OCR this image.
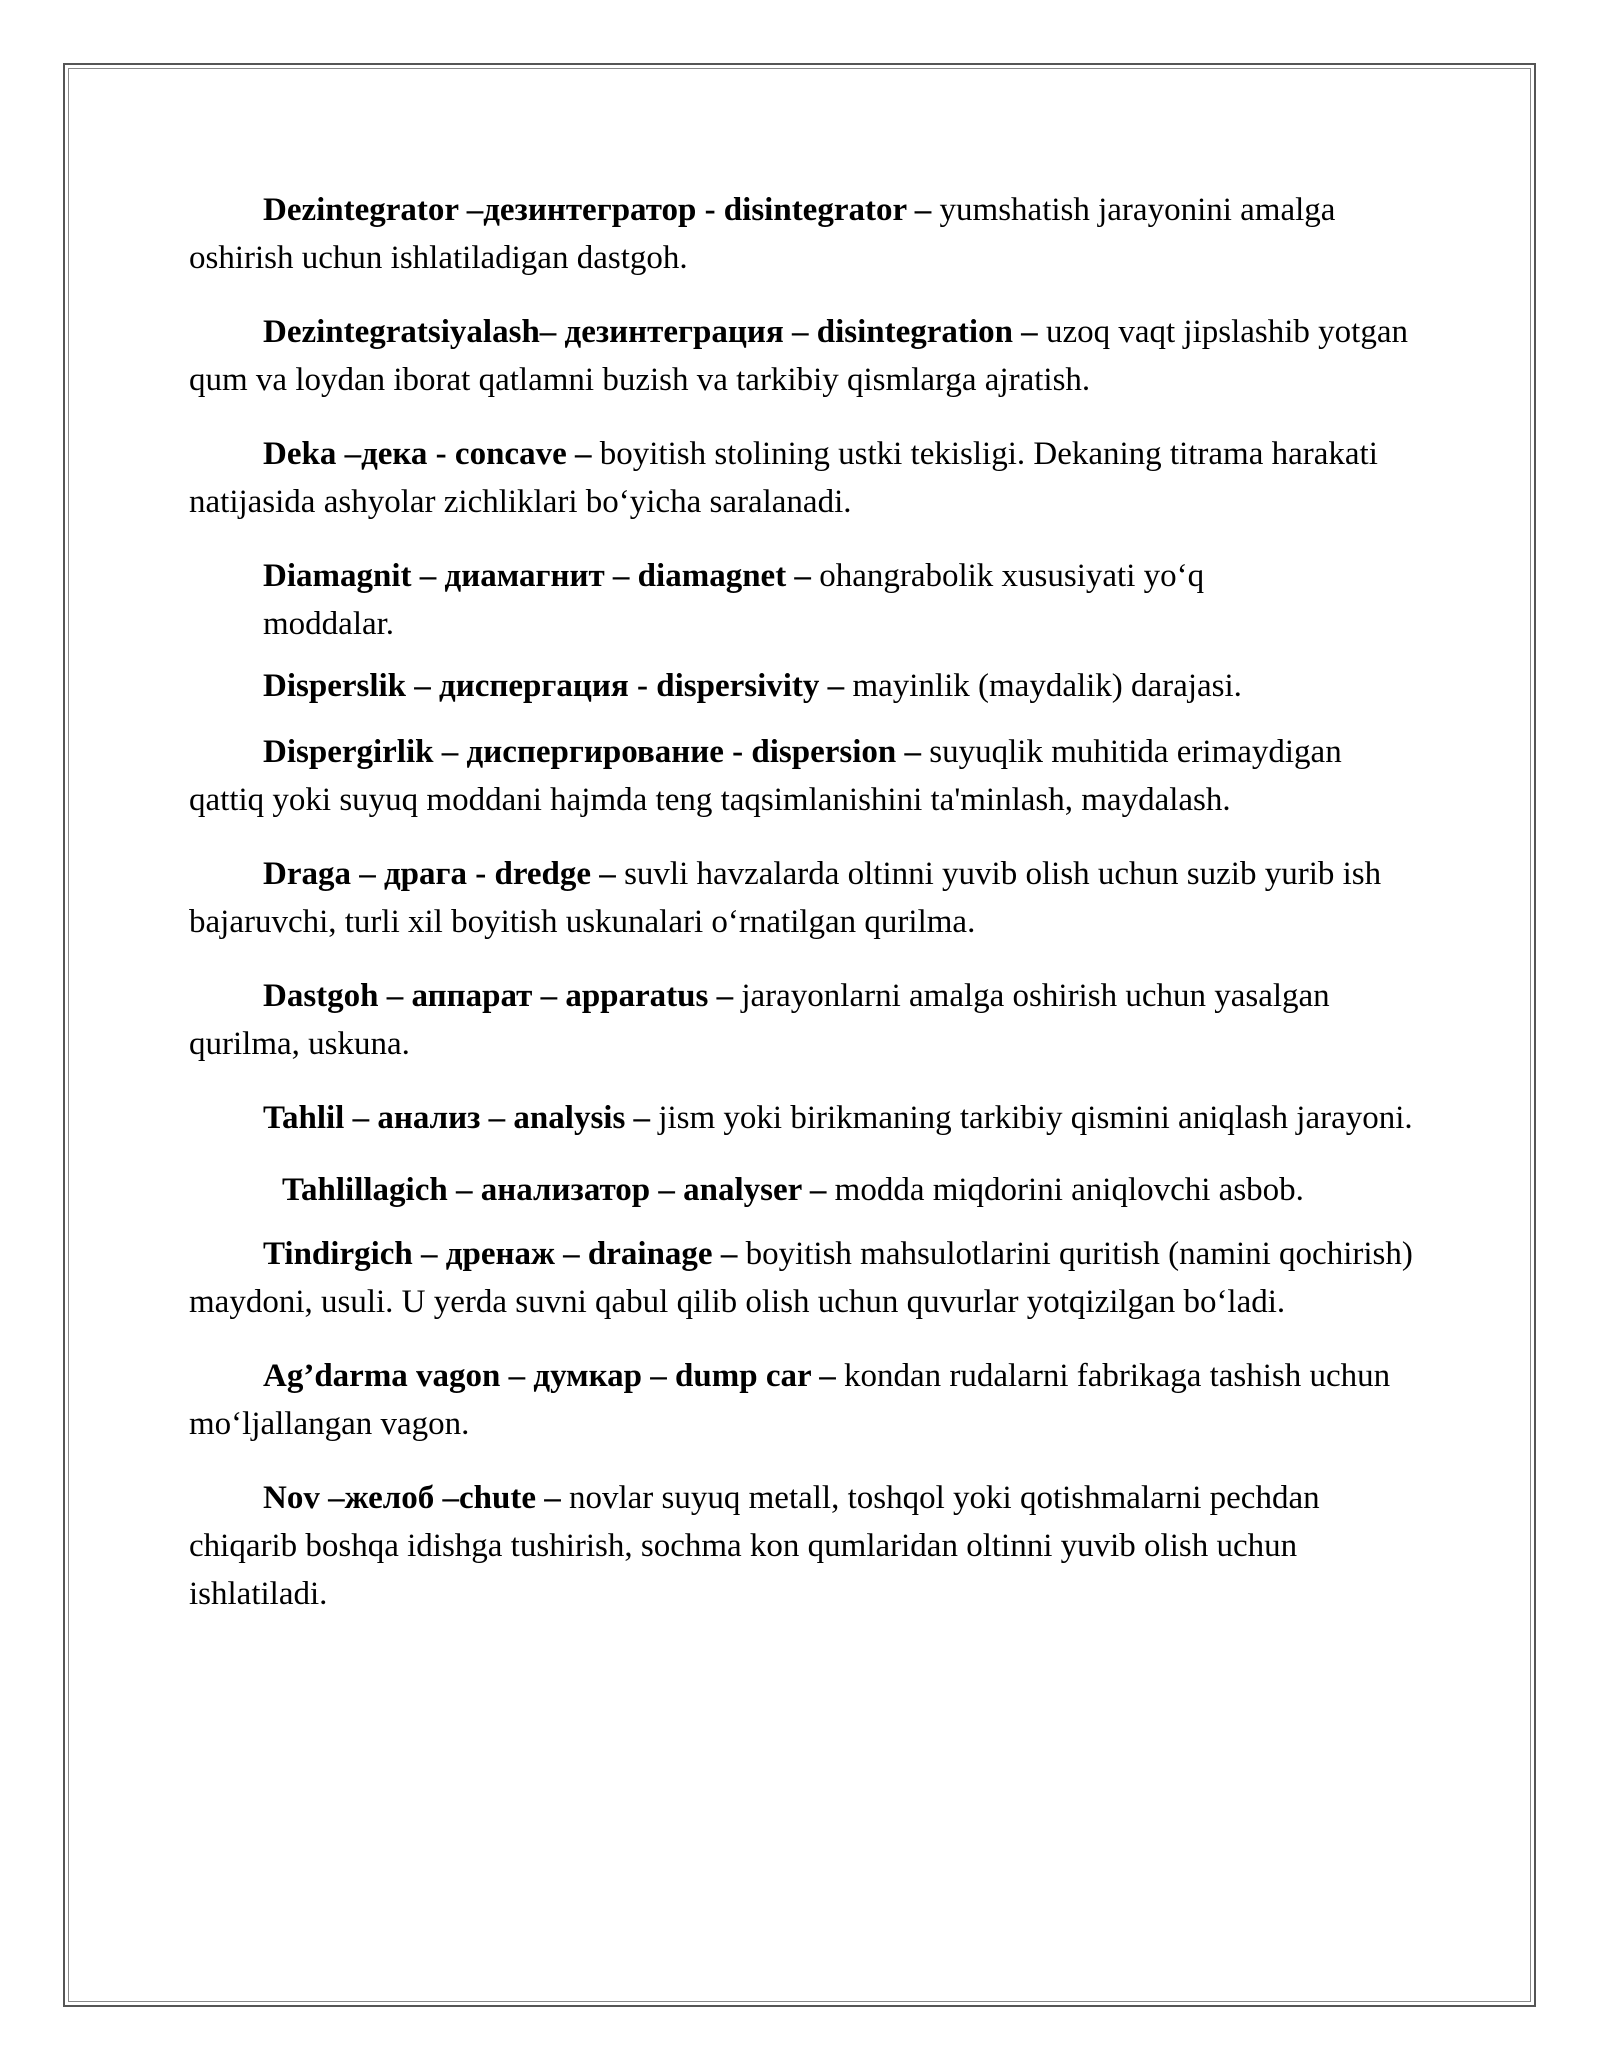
Dezintegrator –дезинтегратор - disintegrator – yumshatish jarayonini amalga oshirish uchun ishlatiladigan dastgoh.

Dezintegratsiyalash– дезинтеграция – disintegration – uzoq vaqt jipslashib yotgan qum va loydan iborat qatlamni buzish va tarkibiy qismlarga ajratish.

Deka –дека - concave – boyitish stolining ustki tekisligi. Dekaning titrama harakati natijasida ashyolar zichliklari bo‘yicha saralanadi.

Diamagnit – диамагнит – diamagnet – ohangrabolik xususiyati yo‘q moddalar.

Disperslik – диспергация - dispersivity – mayinlik (maydalik) darajasi.

Dispergirlik – диспергирование - dispersion – suyuqlik muhitida erimaydigan qattiq yoki suyuq moddani hajmda teng taqsimlanishini ta'minlash, maydalash.

Draga – драга - dredge – suvli havzalarda oltinni yuvib olish uchun suzib yurib ish bajaruvchi, turli xil boyitish uskunalari o‘rnatilgan qurilma.

Dastgoh – аппарат – apparatus – jarayonlarni amalga oshirish uchun yasalgan qurilma, uskuna.

Tahlil – анализ – analysis – jism yoki birikmaning tarkibiy qismini aniqlash jarayoni.

Tahlillagich – анализатор – analyser – modda miqdorini aniqlovchi asbob.

Tindirgich – дренаж – drainage – boyitish mahsulotlarini quritish (namini qochirish) maydoni, usuli. U yerda suvni qabul qilib olish uchun quvurlar yotqizilgan bo‘ladi.

Ag’darma vagon – думкар – dump car – kondan rudalarni fabrikaga tashish uchun mo‘ljallangan vagon.

Nov –желоб –chute – novlar suyuq metall, toshqol yoki qotishmalarni pechdan chiqarib boshqa idishga tushirish, sochma kon qumlaridan oltinni yuvib olish uchun ishlatiladi.
